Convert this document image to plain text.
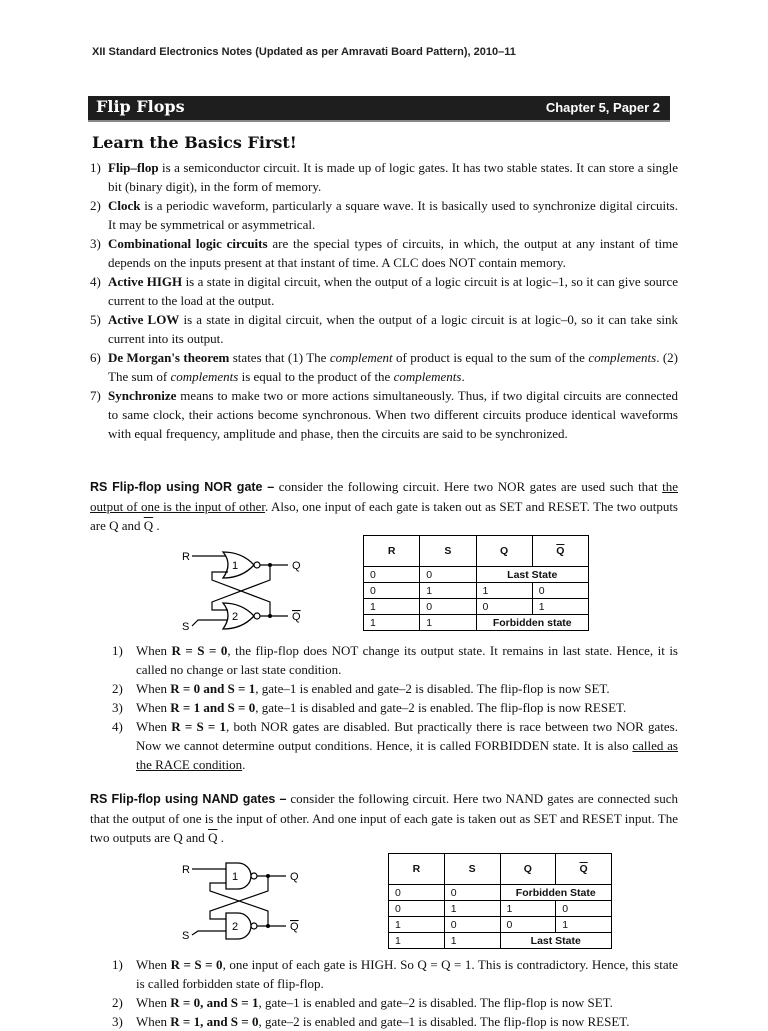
XII Standard Electronics Notes (Updated as per Amravati Board Pattern), 2010–11
Flip Flops	Chapter 5, Paper 2
Learn the Basics First!
1) Flip–flop is a semiconductor circuit. It is made up of logic gates. It has two stable states. It can store a single bit (binary digit), in the form of memory.
2) Clock is a periodic waveform, particularly a square wave. It is basically used to synchronize digital circuits. It may be symmetrical or asymmetrical.
3) Combinational logic circuits are the special types of circuits, in which, the output at any instant of time depends on the inputs present at that instant of time. A CLC does NOT contain memory.
4) Active HIGH is a state in digital circuit, when the output of a logic circuit is at logic–1, so it can give source current to the load at the output.
5) Active LOW is a state in digital circuit, when the output of a logic circuit is at logic–0, so it can take sink current into its output.
6) De Morgan's theorem states that (1) The complement of product is equal to the sum of the complements. (2) The sum of complements is equal to the product of the complements.
7) Synchronize means to make two or more actions simultaneously. Thus, if two digital circuits are connected to same clock, their actions become synchronous. When two different circuits produce identical waveforms with equal frequency, amplitude and phase, then the circuits are said to be synchronized.
RS Flip-flop using NOR gate – consider the following circuit. Here two NOR gates are used such that the output of one is the input of other. Also, one input of each gate is taken out as SET and RESET. The two outputs are Q and $\overline{Q}$ .
R
S
1
2
Q
Q
R	S	Q	$\overline{Q}$
0	0	Last State	
0	1	1	0
1	0	0	1
1	1	Forbidden state	
1) When R = S = 0, the flip-flop does NOT change its output state. It remains in last state. Hence, it is called no change or last state condition.
2) When R = 0 and S = 1, gate–1 is enabled and gate–2 is disabled. The flip-flop is now SET.
3) When R = 1 and S = 0, gate–1 is disabled and gate–2 is enabled. The flip-flop is now RESET.
4) When R = S = 1, both NOR gates are disabled. But practically there is race between two NOR gates. Now we cannot determine output conditions. Hence, it is called FORBIDDEN state. It is also called as the RACE condition.
RS Flip-flop using NAND gates – consider the following circuit. Here two NAND gates are connected such that the output of one is the input of other. And one input of each gate is taken out as SET and RESET input. The two outputs are Q and $\overline{Q}$ .
R
S
1
2
Q
Q
R	S	Q	$\overline{Q}$
0	0	Forbidden State	
0	1	1	0
1	0	0	1
1	1	Last State	
1) When R = S = 0, one input of each gate is HIGH. So Q = Q = 1. This is contradictory. Hence, this state is called forbidden state of flip-flop.
2) When R = 0, and S = 1, gate–1 is enabled and gate–2 is disabled. The flip-flop is now SET.
3) When R = 1, and S = 0, gate–2 is enabled and gate–1 is disabled. The flip-flop is now RESET.
